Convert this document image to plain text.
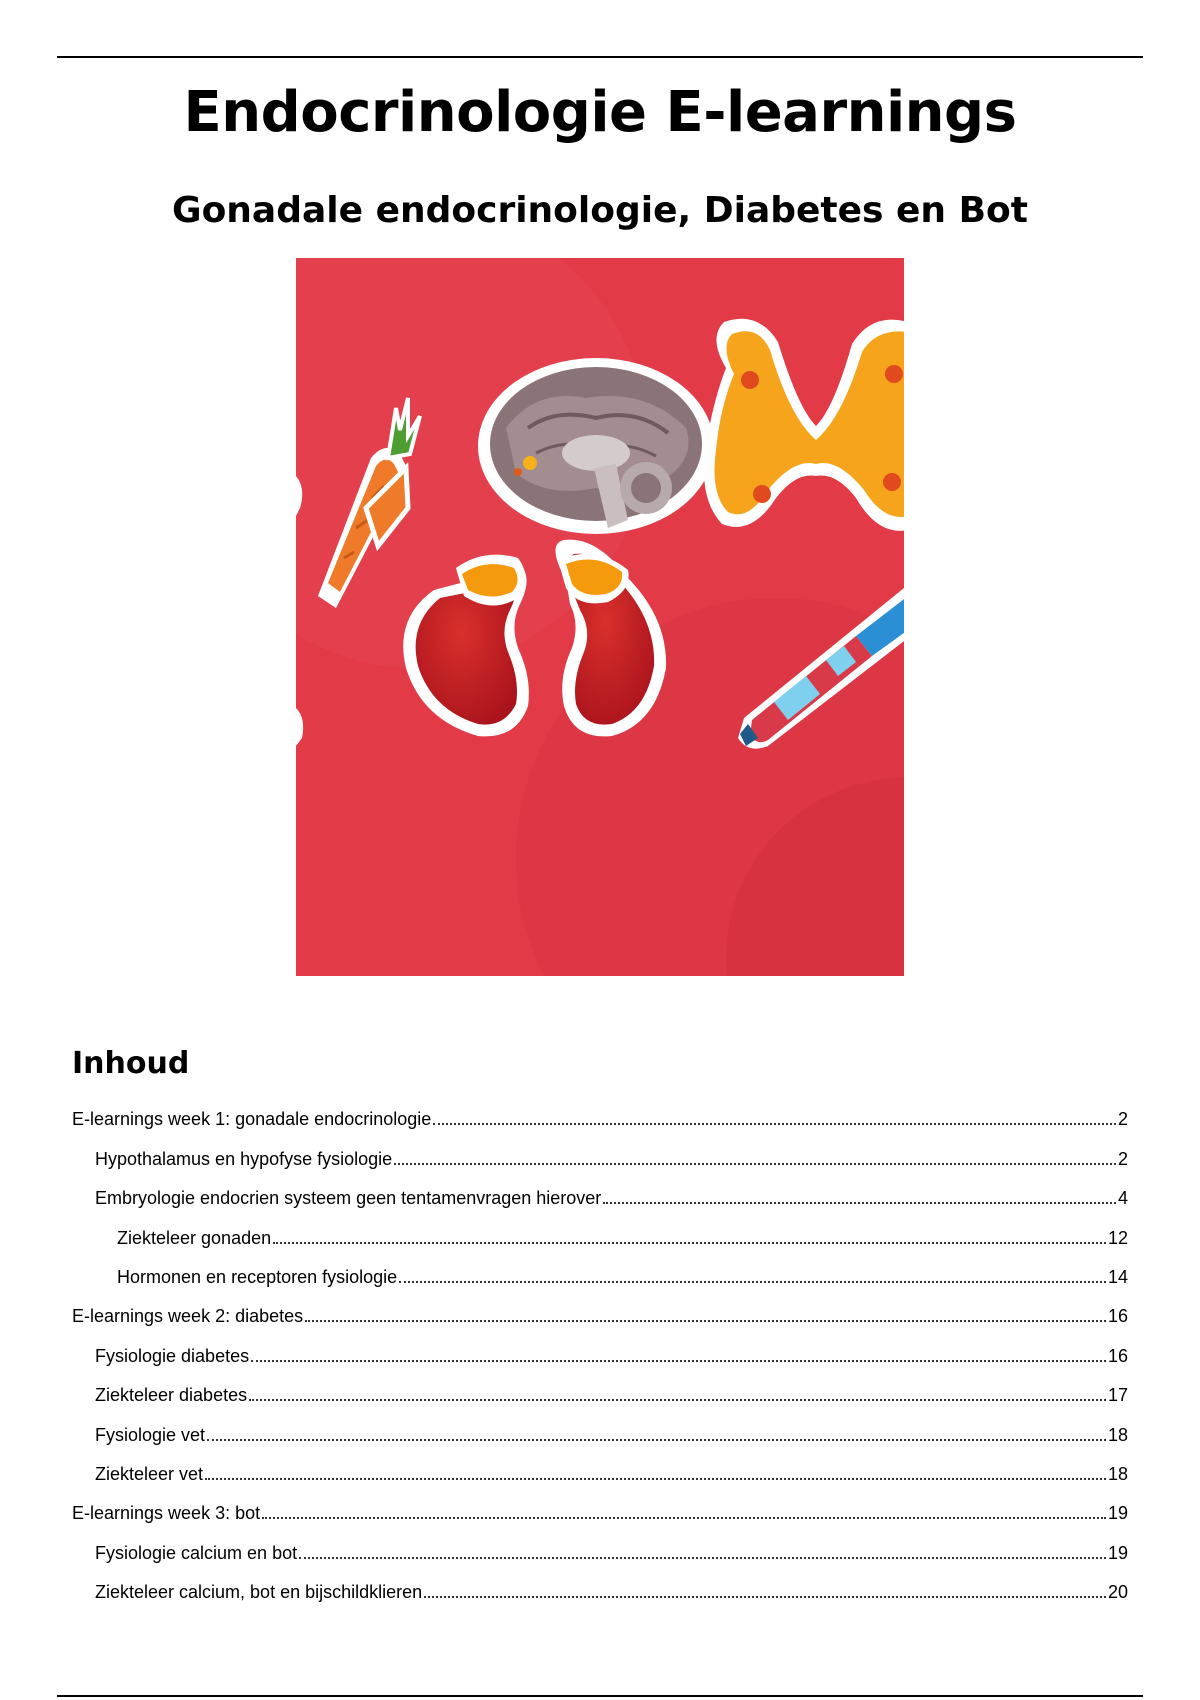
Endocrinologie E-learnings
Gonadale endocrinologie, Diabetes en Bot
Inhoud
E-learnings week 1: gonadale endocrinologie	2
Hypothalamus en hypofyse fysiologie	2
Embryologie endocrien systeem geen tentamenvragen hierover	4
Ziekteleer gonaden	12
Hormonen en receptoren fysiologie	14
E-learnings week 2: diabetes	16
Fysiologie diabetes	16
Ziekteleer diabetes	17
Fysiologie vet	18
Ziekteleer vet	18
E-learnings week 3: bot	19
Fysiologie calcium en bot	19
Ziekteleer calcium, bot en bijschildklieren	20
